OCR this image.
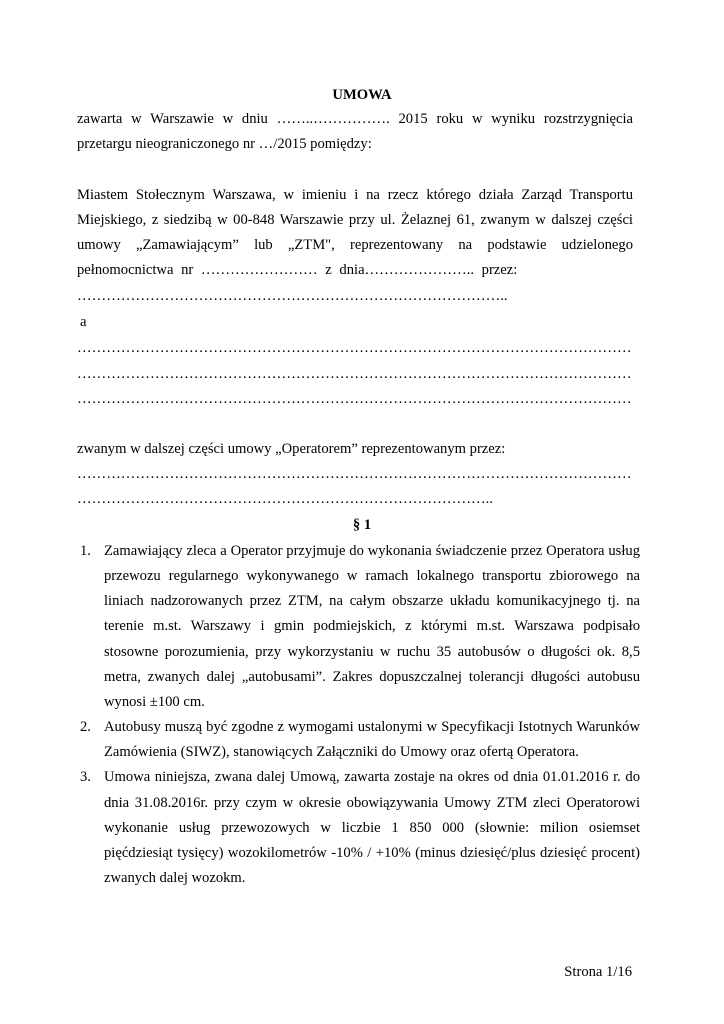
UMOWA
zawarta w Warszawie w dniu ……..……………. 2015 roku w wyniku rozstrzygnięcia
przetargu nieograniczonego nr …/2015 pomiędzy:
Miastem Stołecznym Warszawa, w imieniu i na rzecz którego działa Zarząd Transportu
Miejskiego, z siedzibą w 00-848 Warszawie przy ul. Żelaznej 61, zwanym w dalszej części
umowy „Zamawiającym” lub „ZTM", reprezentowany na podstawie udzielonego
pełnomocnictwa nr …………………… z dnia………………….. przez:
……………………………………………………………………………..
a
……………………………………………………………………………………………………
……………………………………………………………………………………………………
……………………………………………………………………………………………………
zwanym w dalszej części umowy „Operatorem” reprezentowanym przez:
……………………………………………………………………………………………………
…………………………………………………………………………..
§ 1
1. Zamawiający zleca a Operator przyjmuje do wykonania świadczenie przez Operatora usług
przewozu regularnego wykonywanego w ramach lokalnego transportu zbiorowego na
liniach nadzorowanych przez ZTM, na całym obszarze układu komunikacyjnego tj. na
terenie m.st. Warszawy i gmin podmiejskich, z którymi m.st. Warszawa podpisało
stosowne porozumienia, przy wykorzystaniu w ruchu 35 autobusów o długości ok. 8,5
metra, zwanych dalej „autobusami”. Zakres dopuszczalnej tolerancji długości autobusu
wynosi ±100 cm.
2. Autobusy muszą być zgodne z wymogami ustalonymi w Specyfikacji Istotnych Warunków
Zamówienia (SIWZ), stanowiących Załączniki do Umowy oraz ofertą Operatora.
3. Umowa niniejsza, zwana dalej Umową, zawarta zostaje na okres od dnia 01.01.2016 r. do
dnia 31.08.2016r. przy czym w okresie obowiązywania Umowy ZTM zleci Operatorowi
wykonanie usług przewozowych w liczbie 1 850 000 (słownie: milion osiemset
pięćdziesiąt tysięcy) wozokilometrów -10% / +10% (minus dziesięć/plus dziesięć procent)
zwanych dalej wozokm.
Strona 1/16
